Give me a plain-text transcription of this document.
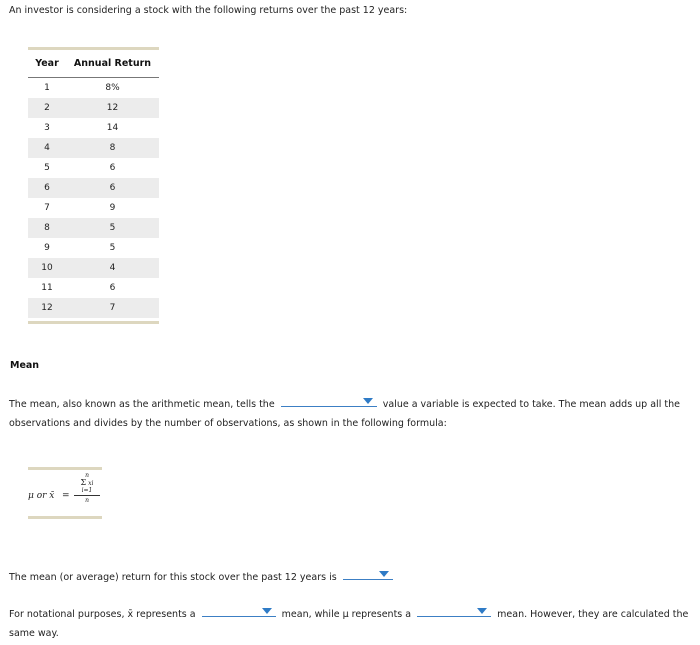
An investor is considering a stock with the following returns over the past 12 years:
Year	Annual Return
1	8%
2	12
3	14
4	8
5	6
6	6
7	9
8	5
9	5
10	4
11	6
12	7
Mean
The mean, also known as the arithmetic mean, tells the	value a variable is expected to take. The mean adds up all the
observations and divides by the number of observations, as shown in the following formula:
μ or x̄ =
n
Σ xi
i=1
n
The mean (or average) return for this stock over the past 12 years is
For notational purposes, x̄ represents a	mean, while μ represents a	mean. However, they are calculated the
same way.
